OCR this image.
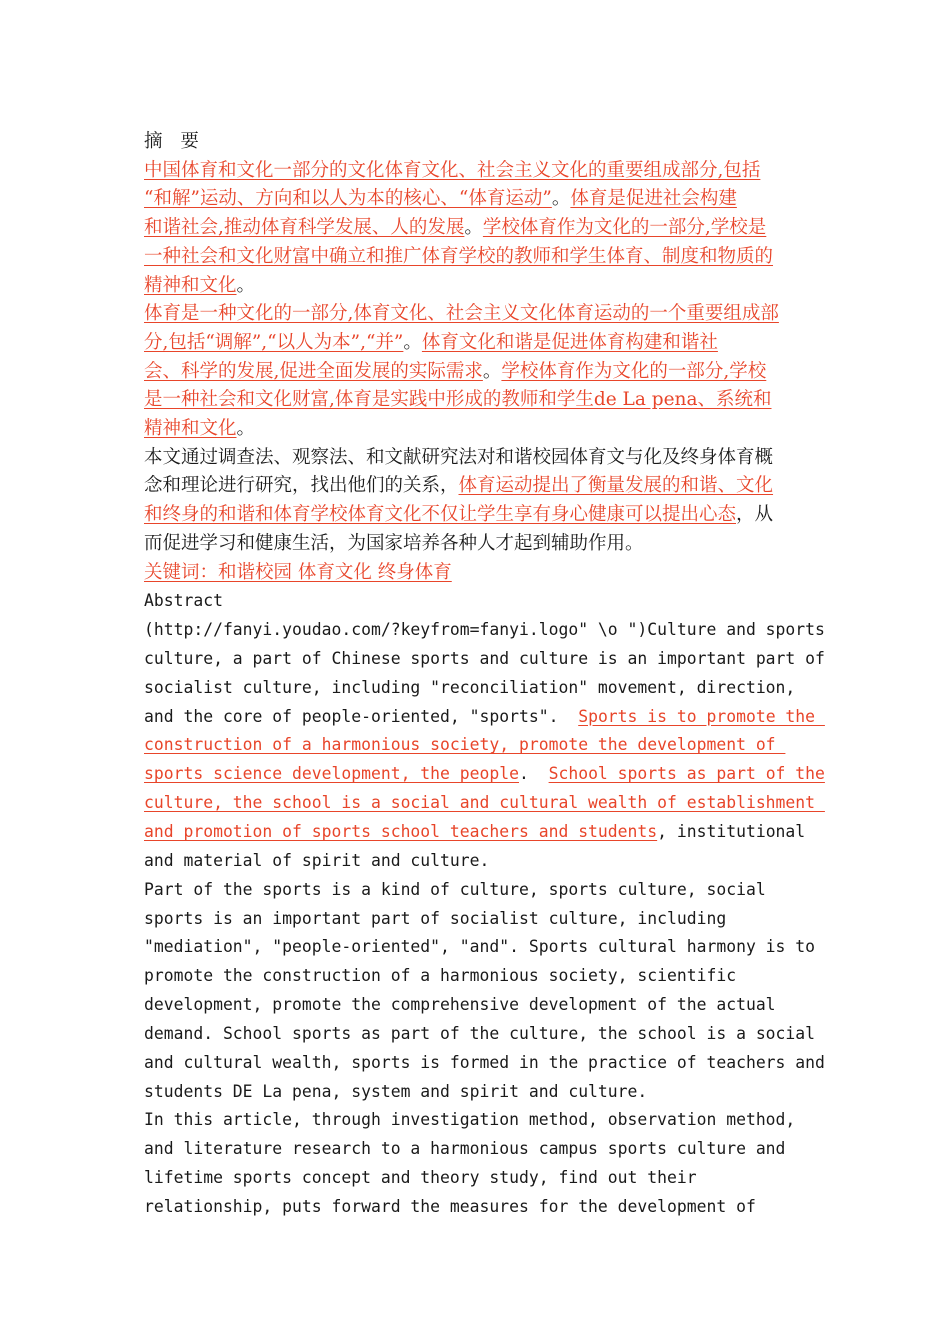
摘 要

中国体育和文化一部分的文化体育文化、社会主义文化的重要组成部分,包括

“和解”运动、方向和以人为本的核心、“体育运动”。体育是促进社会构建

和谐社会,推动体育科学发展、人的发展。学校体育作为文化的一部分,学校是

一种社会和文化财富中确立和推广体育学校的教师和学生体育、制度和物质的

精神和文化。

体育是一种文化的一部分,体育文化、社会主义文化体育运动的一个重要组成部

分,包括“调解”,“以人为本”,“并”。体育文化和谐是促进体育构建和谐社

会、科学的发展,促进全面发展的实际需求。学校体育作为文化的一部分,学校

是一种社会和文化财富,体育是实践中形成的教师和学生de La pena、系统和

精神和文化。

本文通过调查法、观察法、和文献研究法对和谐校园体育文与化及终身体育概

念和理论进行研究，找出他们的关系，体育运动提出了衡量发展的和谐、文化

和终身的和谐和体育学校体育文化不仅让学生享有身心健康可以提出心态，从

而促进学习和健康生活，为国家培养各种人才起到辅助作用。

关键词：和谐校园 体育文化 终身体育

Abstract

(http://fanyi.youdao.com/?keyfrom=fanyi.logo" \o ")Culture and sports

culture, a part of Chinese sports and culture is an important part of

socialist culture, including "reconciliation" movement, direction,

and the core of people-oriented, "sports".  Sports is to promote the

construction of a harmonious society, promote the development of

sports science development, the people.  School sports as part of the

culture, the school is a social and cultural wealth of establishment

and promotion of sports school teachers and students, institutional

and material of spirit and culture.

Part of the sports is a kind of culture, sports culture, social

sports is an important part of socialist culture, including

"mediation", "people-oriented", "and". Sports cultural harmony is to

promote the construction of a harmonious society, scientific

development, promote the comprehensive development of the actual

demand. School sports as part of the culture, the school is a social

and cultural wealth, sports is formed in the practice of teachers and

students DE La pena, system and spirit and culture.

In this article, through investigation method, observation method,

and literature research to a harmonious campus sports culture and

lifetime sports concept and theory study, find out their

relationship, puts forward the measures for the development of
